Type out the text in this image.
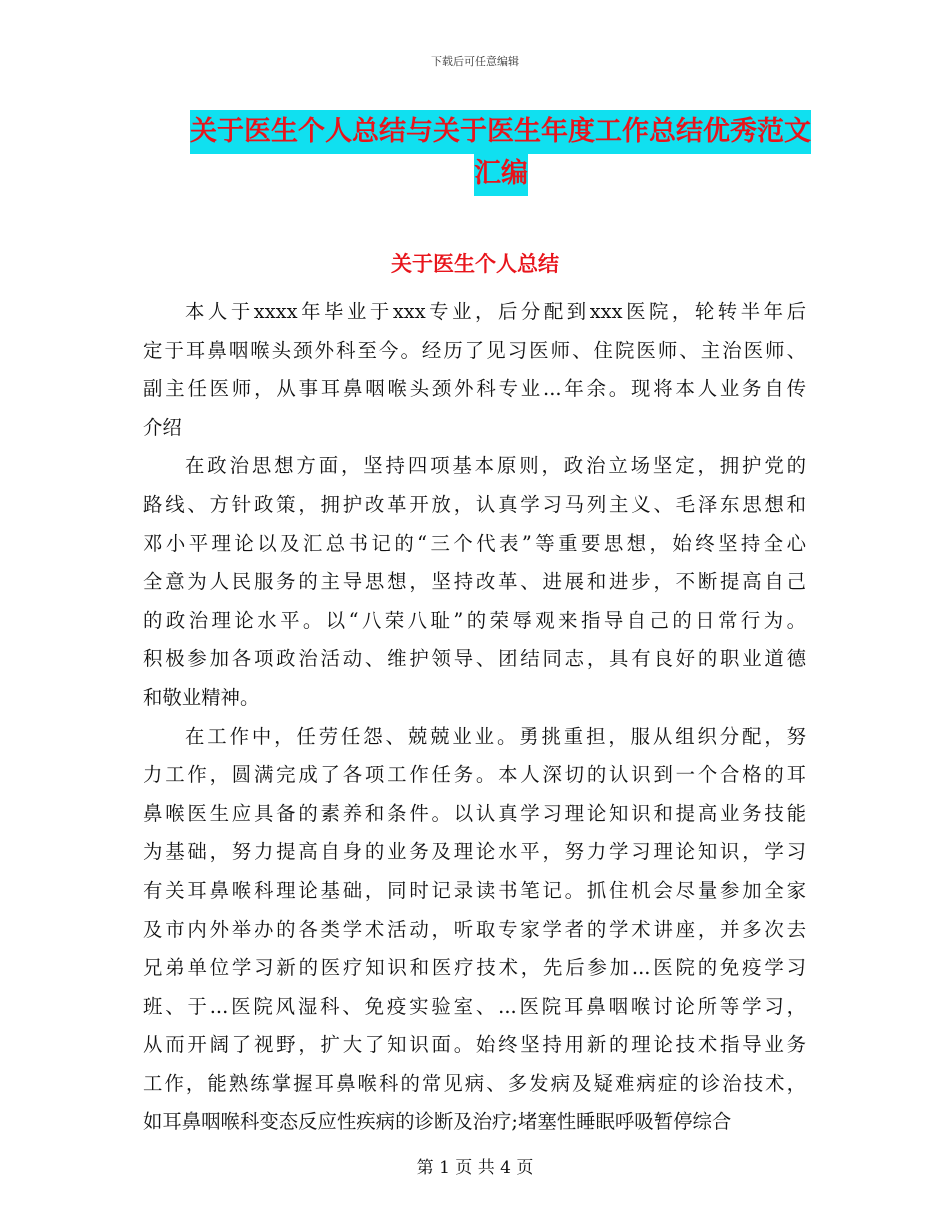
下载后可任意编辑
关于医生个人总结与关于医生年度工作总结优秀范文
汇编
关于医生个人总结
本人于xxxx年毕业于xxx专业，后分配到xxx医院，轮转半年后
定于耳鼻咽喉头颈外科至今。经历了见习医师、住院医师、主治医师、
副主任医师，从事耳鼻咽喉头颈外科专业...年余。现将本人业务自传
介绍
在政治思想方面，坚持四项基本原则，政治立场坚定，拥护党的
路线、方针政策，拥护改革开放，认真学习马列主义、毛泽东思想和
邓小平理论以及汇总书记的“三个代表”等重要思想，始终坚持全心
全意为人民服务的主导思想，坚持改革、进展和进步，不断提高自己
的政治理论水平。以“八荣八耻”的荣辱观来指导自己的日常行为。
积极参加各项政治活动、维护领导、团结同志，具有良好的职业道德
和敬业精神。
在工作中，任劳任怨、兢兢业业。勇挑重担，服从组织分配，努
力工作，圆满完成了各项工作任务。本人深切的认识到一个合格的耳
鼻喉医生应具备的素养和条件。以认真学习理论知识和提高业务技能
为基础，努力提高自身的业务及理论水平，努力学习理论知识，学习
有关耳鼻喉科理论基础，同时记录读书笔记。抓住机会尽量参加全家
及市内外举办的各类学术活动，听取专家学者的学术讲座，并多次去
兄弟单位学习新的医疗知识和医疗技术，先后参加...医院的免疫学习
班、于...医院风湿科、免疫实验室、...医院耳鼻咽喉讨论所等学习，
从而开阔了视野，扩大了知识面。始终坚持用新的理论技术指导业务
工作，能熟练掌握耳鼻喉科的常见病、多发病及疑难病症的诊治技术，
如耳鼻咽喉科变态反应性疾病的诊断及治疗;堵塞性睡眠呼吸暂停综合
第 1 页 共 4 页
